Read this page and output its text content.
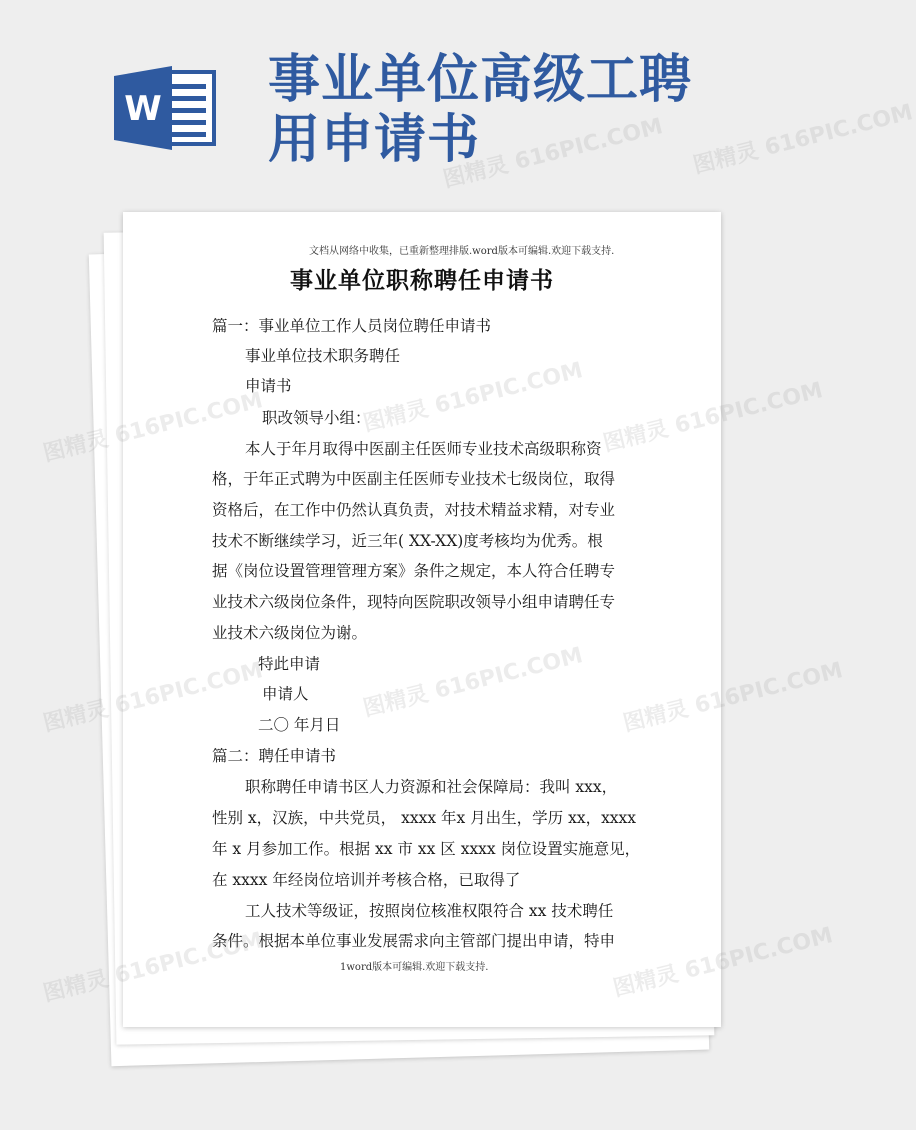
W 事业单位高级工聘
用申请书
文档从网络中收集，已重新整理排版.word版本可编辑.欢迎下载支持.
事业单位职称聘任申请书
篇一：事业单位工作人员岗位聘任申请书
事业单位技术职务聘任
申请书
职改领导小组：
本人于年月取得中医副主任医师专业技术高级职称资
格，于年正式聘为中医副主任医师专业技术七级岗位，取得
资格后，在工作中仍然认真负责，对技术精益求精，对专业
技术不断继续学习，近三年( XX-XX)度考核均为优秀。根
据《岗位设置管理管理方案》条件之规定，本人符合任聘专
业技术六级岗位条件，现特向医院职改领导小组申请聘任专
业技术六级岗位为谢。
特此申请
申请人
二〇 年月日
篇二：聘任申请书
职称聘任申请书区人力资源和社会保障局：我叫 xxx，
性别 x，汉族，中共党员， xxxx 年x 月出生，学历 xx，xxxx
年 x 月参加工作。根据 xx 市 xx 区 xxxx 岗位设置实施意见，
在 xxxx 年经岗位培训并考核合格，已取得了
工人技术等级证，按照岗位核准权限符合 xx 技术聘任
条件。根据本单位事业发展需求向主管部门提出申请，特申
1word版本可编辑.欢迎下载支持.
图精灵 616PIC.COM 图精灵 616PIC.COM
图精灵
616PIC.COM
图精灵	图精灵 616PIC.COM
图精灵	图精灵 616PIC.COM
